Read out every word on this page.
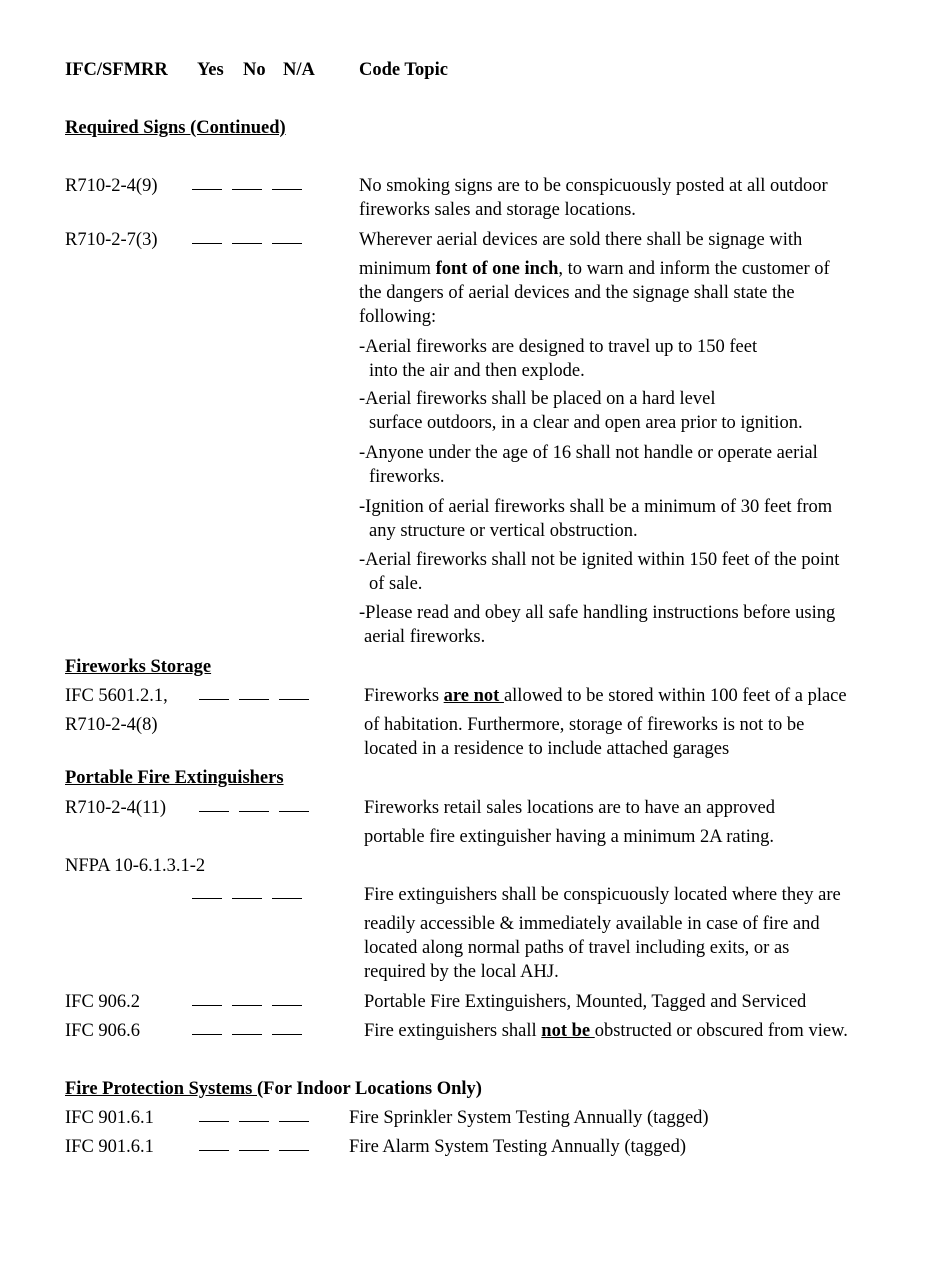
IFC/SFMRR Yes No N/A Code Topic
Required Signs (Continued)
R710-2-4(9)	No smoking signs are to be conspicuously posted at all outdoor
fireworks sales and storage locations.
R710-2-7(3)	Wherever aerial devices are sold there shall be signage with
minimum font of one inch, to warn and inform the customer of
the dangers of aerial devices and the signage shall state the
following:
-Aerial fireworks are designed to travel up to 150 feet
into the air and then explode.
-Aerial fireworks shall be placed on a hard level
surface outdoors, in a clear and open area prior to ignition.
-Anyone under the age of 16 shall not handle or operate aerial
fireworks.
-Ignition of aerial fireworks shall be a minimum of 30 feet from
any structure or vertical obstruction.
-Aerial fireworks shall not be ignited within 150 feet of the point
of sale.
-Please read and obey all safe handling instructions before using
aerial fireworks.
Fireworks Storage
IFC 5601.2.1,	Fireworks are not allowed to be stored within 100 feet of a place
R710-2-4(8)	of habitation. Furthermore, storage of fireworks is not to be
located in a residence to include attached garages
Portable Fire Extinguishers
R710-2-4(11)	Fireworks retail sales locations are to have an approved
portable fire extinguisher having a minimum 2A rating.
NFPA 10-6.1.3.1-2
Fire extinguishers shall be conspicuously located where they are
readily accessible & immediately available in case of fire and
located along normal paths of travel including exits, or as
required by the local AHJ.
IFC 906.2	Portable Fire Extinguishers, Mounted, Tagged and Serviced
IFC 906.6	Fire extinguishers shall not be obstructed or obscured from view.
Fire Protection Systems (For Indoor Locations Only)
IFC 901.6.1	Fire Sprinkler System Testing Annually (tagged)
IFC 901.6.1	Fire Alarm System Testing Annually (tagged)
